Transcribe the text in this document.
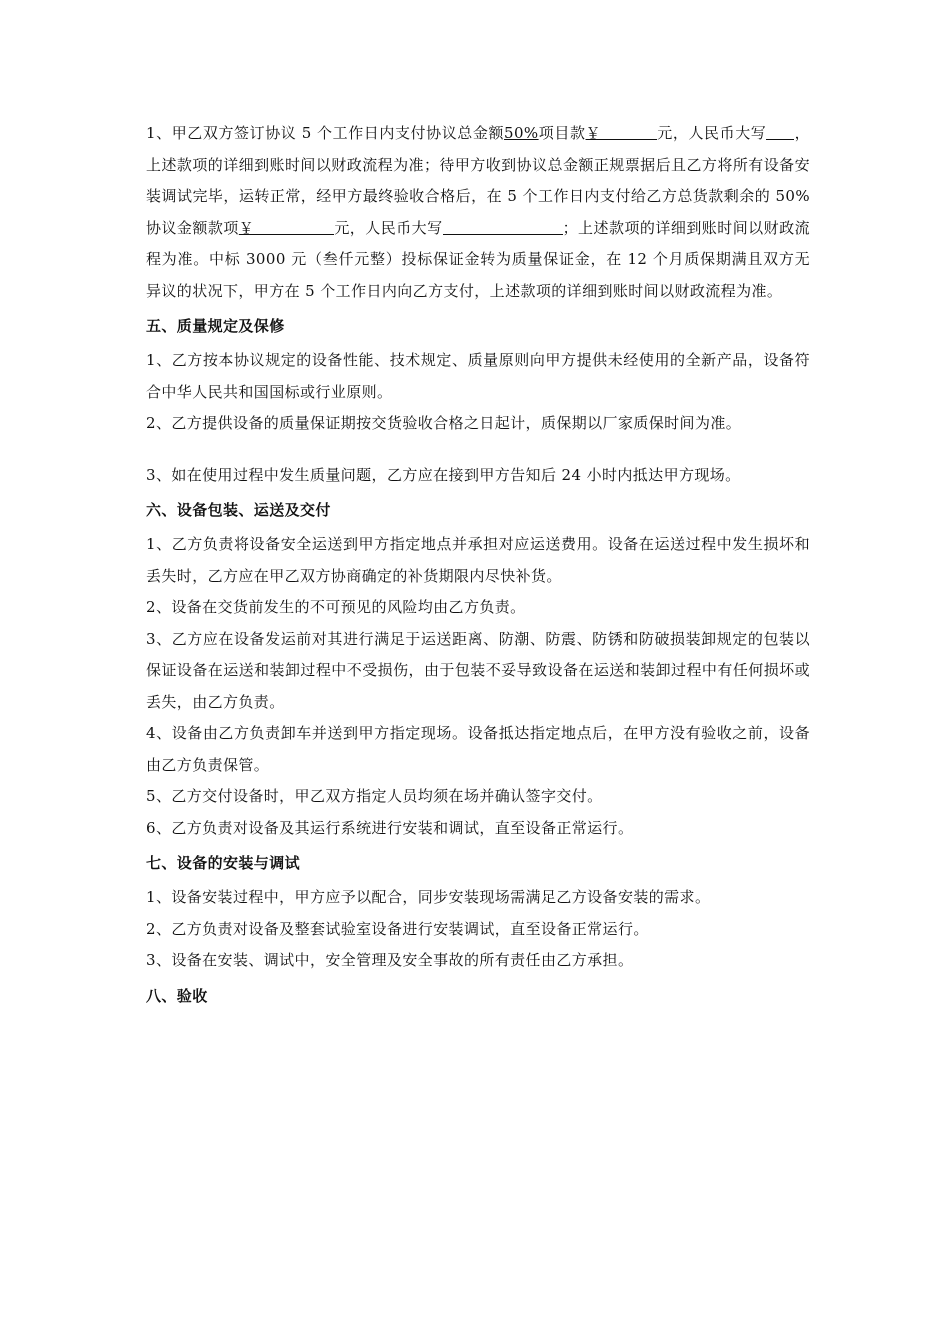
1、甲乙双方签订协议 5 个工作日内支付协议总金额50%项目款￥	元，人民币大写 ，上述款项的详细到账时间以财政流程为准；待甲方收到协议总金额正规票据后且乙方将所有设备安装调试完毕，运转正常，经甲方最终验收合格后，在 5 个工作日内支付给乙方总货款剩余的 50%协议金额款项￥	元，人民币大写	；上述款项的详细到账时间以财政流程为准。中标 3000 元（叁仟元整）投标保证金转为质量保证金，在 12 个月质保期满且双方无异议的状况下，甲方在 5 个工作日内向乙方支付，上述款项的详细到账时间以财政流程为准。

五、质量规定及保修

1、乙方按本协议规定的设备性能、技术规定、质量原则向甲方提供未经使用的全新产品，设备符合中华人民共和国国标或行业原则。

2、乙方提供设备的质量保证期按交货验收合格之日起计，质保期以厂家质保时间为准。

3、如在使用过程中发生质量问题，乙方应在接到甲方告知后 24 小时内抵达甲方现场。

六、设备包装、运送及交付

1、乙方负责将设备安全运送到甲方指定地点并承担对应运送费用。设备在运送过程中发生损坏和丢失时，乙方应在甲乙双方协商确定的补货期限内尽快补货。

2、设备在交货前发生的不可预见的风险均由乙方负责。

3、乙方应在设备发运前对其进行满足于运送距离、防潮、防震、防锈和防破损装卸规定的包装以保证设备在运送和装卸过程中不受损伤，由于包装不妥导致设备在运送和装卸过程中有任何损坏或丢失，由乙方负责。

4、设备由乙方负责卸车并送到甲方指定现场。设备抵达指定地点后，在甲方没有验收之前，设备由乙方负责保管。

5、乙方交付设备时，甲乙双方指定人员均须在场并确认签字交付。

6、乙方负责对设备及其运行系统进行安装和调试，直至设备正常运行。

七、设备的安装与调试

1、设备安装过程中，甲方应予以配合，同步安装现场需满足乙方设备安装的需求。

2、乙方负责对设备及整套试验室设备进行安装调试，直至设备正常运行。

3、设备在安装、调试中，安全管理及安全事故的所有责任由乙方承担。

八、验收
